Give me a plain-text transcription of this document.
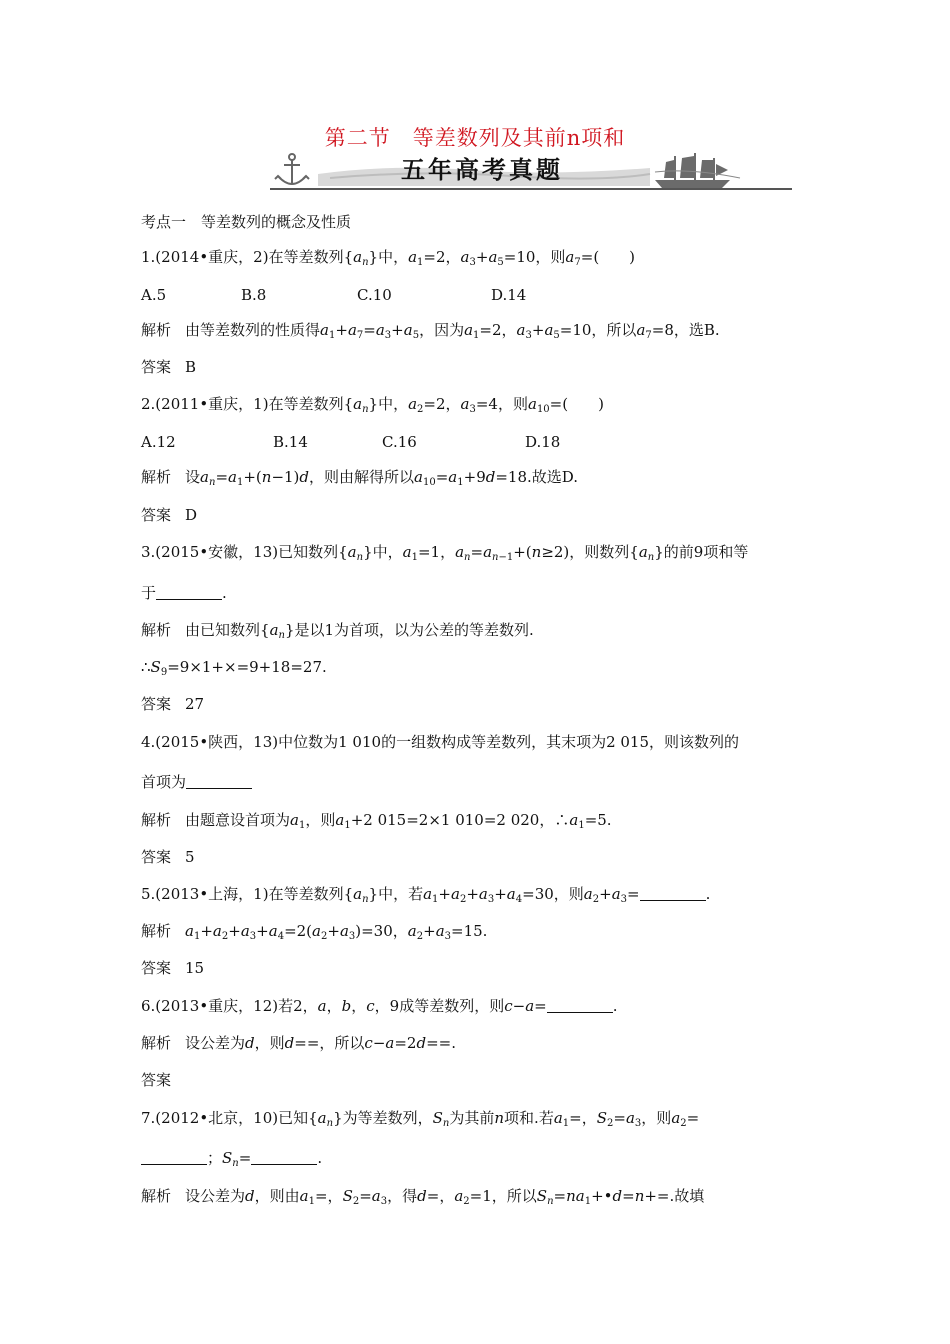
第二节　等差数列及其前n项和
五年高考真题
考点一　等差数列的概念及性质
1.(2014•重庆，2)在等差数列$\{a_n\}$中，$a_1=2$，$a_3+a_5=10$，则$a_7=$(　　)
A.5	B.8	C.10	D.14
解析 由等差数列的性质得$a_1+a_7=a_3+a_5$，因为$a_1=2$，$a_3+a_5=10$，所以$a_7=8$，选B.
答案 B
2.(2011•重庆，1)在等差数列$\{a_n\}$中，$a_2=2$，$a_3=4$，则$a_{10}=$(　　)
A.12	B.14	C.16	D.18
解析 设$a_n=a_1+(n-1)d$，则由解得所以$a_{10}=a_1+9d=18$.故选D.
答案 D
3.(2015•安徽，13)已知数列$\{a_n\}$中，$a_1=1$，$a_n=a_{n-1}+(n\ge 2)$，则数列$\{a_n\}$的前9项和等
于	.
解析 由已知数列$\{a_n\}$是以1为首项，以为公差的等差数列.
$\therefore S_9=9\times 1+\times=9+18=27$.
答案 27
4.(2015•陕西，13)中位数为1 010的一组数构成等差数列，其末项为2 015，则该数列的
首项为
解析 由题意设首项为$a_1$，则$a_1+2$ 015=2×1 010=2 020，$\therefore a_1=5$.
答案 5
5.(2013•上海，1)在等差数列$\{a_n\}$中，若$a_1+a_2+a_3+a_4=30$，则$a_2+a_3=$	.
解析 $a_1+a_2+a_3+a_4=2(a_2+a_3)=30$，$a_2+a_3=15$.
答案 15
6.(2013•重庆，12)若2，a，b，c，9成等差数列，则c−a=	.
解析 设公差为d，则d==，所以c−a=2d==.
答案
7.(2012•北京，10)已知$\{a_n\}$为等差数列，$S_n$为其前n项和.若$a_1=$，$S_2=a_3$，则$a_2=$
；$S_n=$	.
解析 设公差为d，则由$a_1=$，$S_2=a_3$，得d=，$a_2=1$，所以$S_n=na_1+•d=n+=$.故填
